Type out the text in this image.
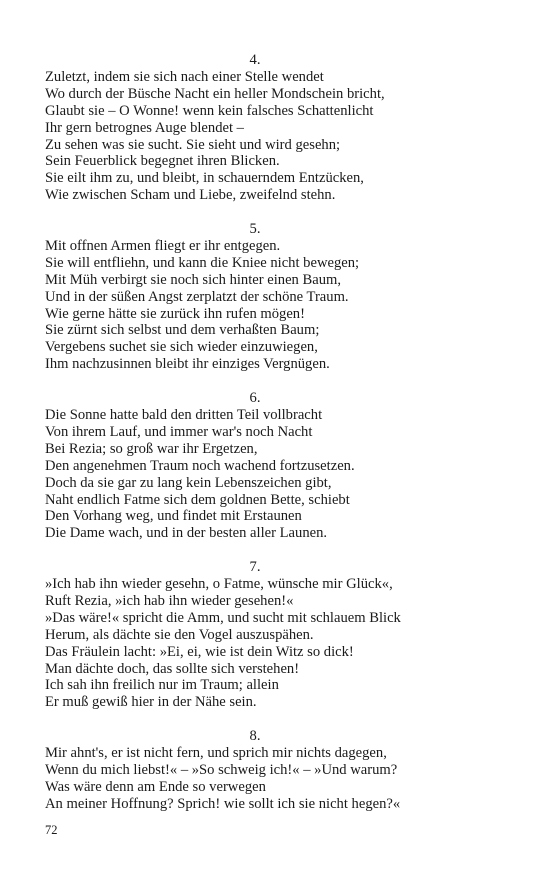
4.
Zuletzt, indem sie sich nach einer Stelle wendet
Wo durch der Büsche Nacht ein heller Mondschein bricht,
Glaubt sie – O Wonne! wenn kein falsches Schattenlicht
Ihr gern betrognes Auge blendet –
Zu sehen was sie sucht. Sie sieht und wird gesehn;
Sein Feuerblick begegnet ihren Blicken.
Sie eilt ihm zu, und bleibt, in schauerndem Entzücken,
Wie zwischen Scham und Liebe, zweifelnd stehn.
5.
Mit offnen Armen fliegt er ihr entgegen.
Sie will entfliehn, und kann die Kniee nicht bewegen;
Mit Müh verbirgt sie noch sich hinter einen Baum,
Und in der süßen Angst zerplatzt der schöne Traum.
Wie gerne hätte sie zurück ihn rufen mögen!
Sie zürnt sich selbst und dem verhaßten Baum;
Vergebens suchet sie sich wieder einzuwiegen,
Ihm nachzusinnen bleibt ihr einziges Vergnügen.
6.
Die Sonne hatte bald den dritten Teil vollbracht
Von ihrem Lauf, und immer war's noch Nacht
Bei Rezia; so groß war ihr Ergetzen,
Den angenehmen Traum noch wachend fortzusetzen.
Doch da sie gar zu lang kein Lebenszeichen gibt,
Naht endlich Fatme sich dem goldnen Bette, schiebt
Den Vorhang weg, und findet mit Erstaunen
Die Dame wach, und in der besten aller Launen.
7.
»Ich hab ihn wieder gesehn, o Fatme, wünsche mir Glück«,
Ruft Rezia, »ich hab ihn wieder gesehen!«
»Das wäre!« spricht die Amm, und sucht mit schlauem Blick
Herum, als dächte sie den Vogel auszuspähen.
Das Fräulein lacht: »Ei, ei, wie ist dein Witz so dick!
Man dächte doch, das sollte sich verstehen!
Ich sah ihn freilich nur im Traum; allein
Er muß gewiß hier in der Nähe sein.
8.
Mir ahnt's, er ist nicht fern, und sprich mir nichts dagegen,
Wenn du mich liebst!« – »So schweig ich!« – »Und warum?
Was wäre denn am Ende so verwegen
An meiner Hoffnung? Sprich! wie sollt ich sie nicht hegen?«
72
